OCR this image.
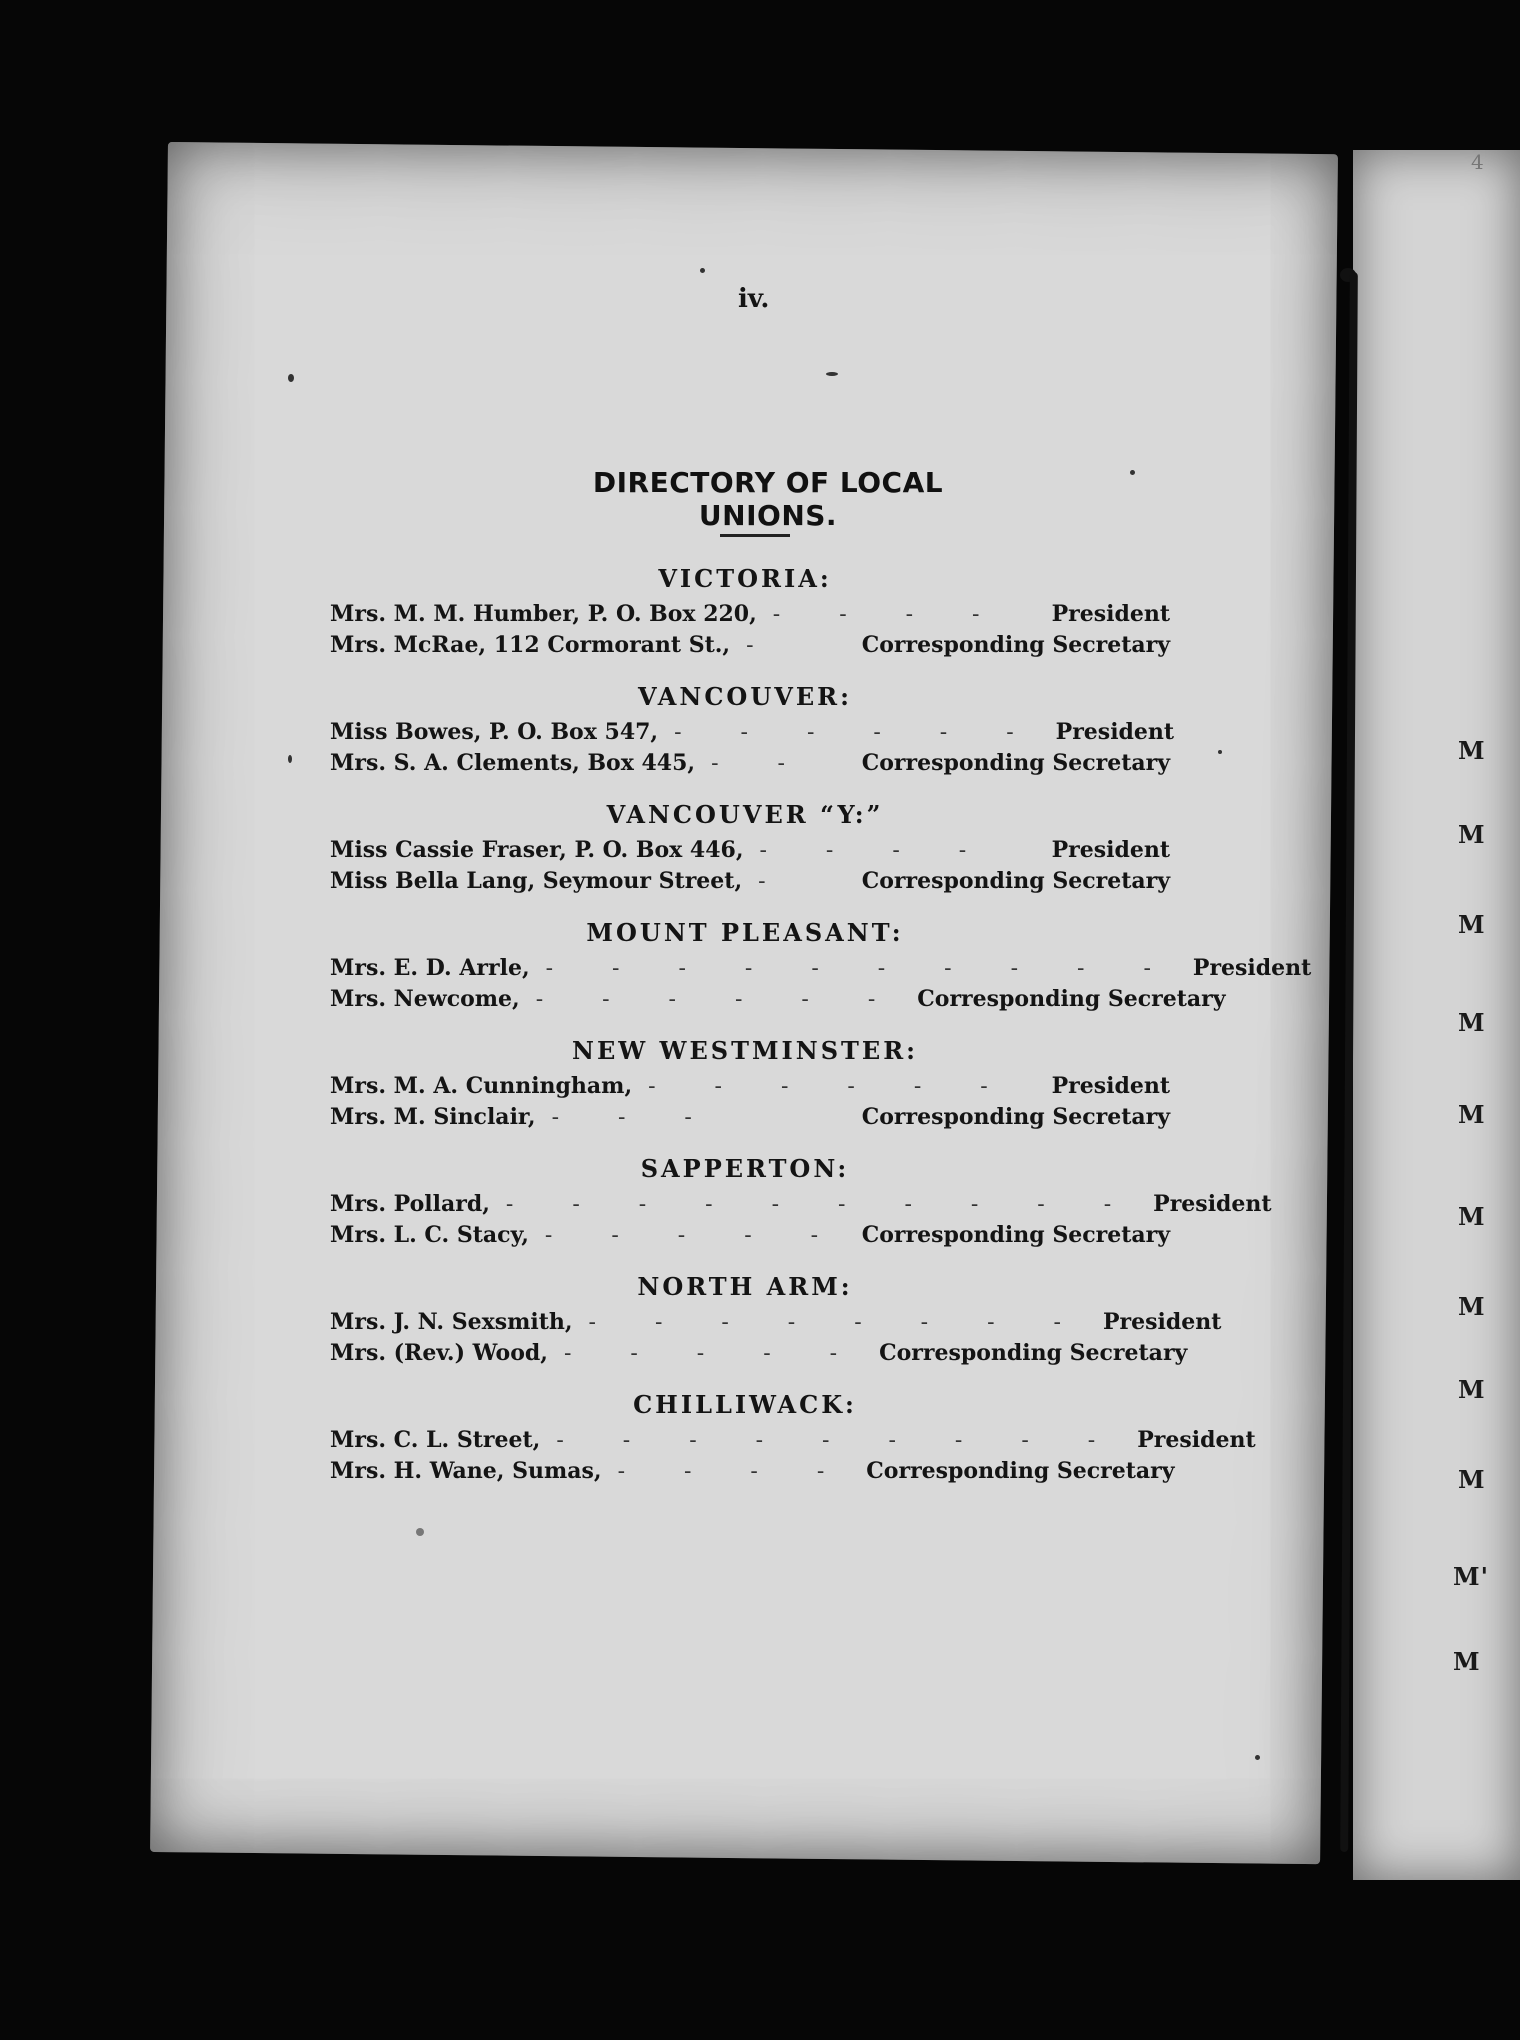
4
M
M
M
M
M
M
M
M
M
M'
M
iv.
DIRECTORY OF LOCAL UNIONS.
VICTORIA:
Mrs. M. M. Humber, P. O. Box 220, - - - -	President
Mrs. McRae, 112 Cormorant St., -	Corresponding Secretary
VANCOUVER:
Miss Bowes, P. O. Box 547, - - - - - - President
Mrs. S. A. Clements, Box 445, - -	Corresponding Secretary
VANCOUVER “Y:”
Miss Cassie Fraser, P. O. Box 446, - - - -	President
Miss Bella Lang, Seymour Street, -	Corresponding Secretary
MOUNT PLEASANT:
Mrs. E. D. Arrle, - - - - - - - - - - President
Mrs. Newcome, - - - - - - Corresponding Secretary
NEW WESTMINSTER:
Mrs. M. A. Cunningham, - - - - - -	President
Mrs. M. Sinclair, - - -	Corresponding Secretary
SAPPERTON:
Mrs. Pollard, - - - - - - - - - - President
Mrs. L. C. Stacy, - - - - - Corresponding Secretary
NORTH ARM:
Mrs. J. N. Sexsmith, - - - - - - - - President
Mrs. (Rev.) Wood, - - - - - Corresponding Secretary
CHILLIWACK:
Mrs. C. L. Street, - - - - - - - - - President
Mrs. H. Wane, Sumas, - - - - Corresponding Secretary
